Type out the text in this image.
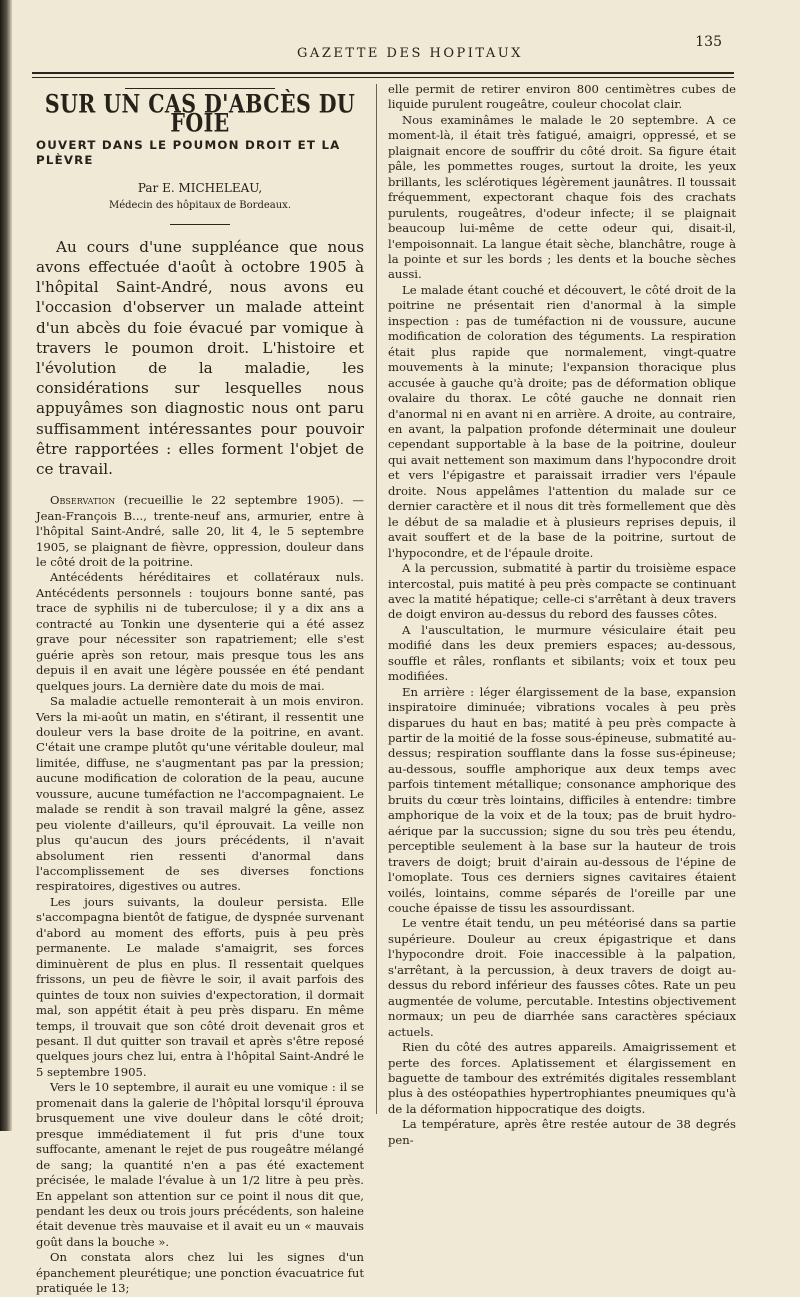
GAZETTE DES HOPITAUX
135
SUR UN CAS D'ABCÈS DU FOIE
OUVERT DANS LE POUMON DROIT ET LA PLÈVRE
Par E. MICHELEAU,
Médecin des hôpitaux de Bordeaux.

Au cours d'une suppléance que nous avons effectuée d'août à octobre 1905 à l'hôpital Saint-André, nous avons eu l'occasion d'observer un malade atteint d'un abcès du foie évacué par vomique à travers le poumon droit. L'histoire et l'évolution de la maladie, les considérations sur lesquelles nous appuyâmes son diagnostic nous ont paru suffisamment intéressantes pour pouvoir être rapportées : elles forment l'objet de ce travail.

Observation (recueillie le 22 septembre 1905). — Jean-François B..., trente-neuf ans, armurier, entre à l'hôpital Saint-André, salle 20, lit 4, le 5 septembre 1905, se plaignant de fièvre, oppression, douleur dans le côté droit de la poitrine.

Antécédents héréditaires et collatéraux nuls. Antécédents personnels : toujours bonne santé, pas trace de syphilis ni de tuberculose; il y a dix ans a contracté au Tonkin une dysenterie qui a été assez grave pour nécessiter son rapatriement; elle s'est guérie après son retour, mais presque tous les ans depuis il en avait une légère poussée en été pendant quelques jours. La dernière date du mois de mai.

Sa maladie actuelle remonterait à un mois environ. Vers la mi-août un matin, en s'étirant, il ressentit une douleur vers la base droite de la poitrine, en avant. C'était une crampe plutôt qu'une véritable douleur, mal limitée, diffuse, ne s'augmentant pas par la pression; aucune modification de coloration de la peau, aucune voussure, aucune tuméfaction ne l'accompagnaient. Le malade se rendit à son travail malgré la gêne, assez peu violente d'ailleurs, qu'il éprouvait. La veille non plus qu'aucun des jours précédents, il n'avait absolument rien ressenti d'anormal dans l'accomplissement de ses diverses fonctions respiratoires, digestives ou autres.

Les jours suivants, la douleur persista. Elle s'accompagna bientôt de fatigue, de dyspnée survenant d'abord au moment des efforts, puis à peu près permanente. Le malade s'amaigrit, ses forces diminuèrent de plus en plus. Il ressentait quelques frissons, un peu de fièvre le soir, il avait parfois des quintes de toux non suivies d'expectoration, il dormait mal, son appétit était à peu près disparu. En même temps, il trouvait que son côté droit devenait gros et pesant. Il dut quitter son travail et après s'être reposé quelques jours chez lui, entra à l'hôpital Saint-André le 5 septembre 1905.

Vers le 10 septembre, il aurait eu une vomique : il se promenait dans la galerie de l'hôpital lorsqu'il éprouva brusquement une vive douleur dans le côté droit; presque immédiatement il fut pris d'une toux suffocante, amenant le rejet de pus rougeâtre mélangé de sang; la quantité n'en a pas été exactement précisée, le malade l'évalue à un 1/2 litre à peu près. En appelant son attention sur ce point il nous dit que, pendant les deux ou trois jours précédents, son haleine était devenue très mauvaise et il avait eu un « mauvais goût dans la bouche ».

On constata alors chez lui les signes d'un épanchement pleurétique; une ponction évacuatrice fut pratiquée le 13;

elle permit de retirer environ 800 centimètres cubes de liquide purulent rougeâtre, couleur chocolat clair.

Nous examinâmes le malade le 20 septembre. A ce moment-là, il était très fatigué, amaigri, oppressé, et se plaignait encore de souffrir du côté droit. Sa figure était pâle, les pommettes rouges, surtout la droite, les yeux brillants, les sclérotiques légèrement jaunâtres. Il toussait fréquemment, expectorant chaque fois des crachats purulents, rougeâtres, d'odeur infecte; il se plaignait beaucoup lui-même de cette odeur qui, disait-il, l'empoisonnait. La langue était sèche, blanchâtre, rouge à la pointe et sur les bords ; les dents et la bouche sèches aussi.

Le malade étant couché et découvert, le côté droit de la poitrine ne présentait rien d'anormal à la simple inspection : pas de tuméfaction ni de voussure, aucune modification de coloration des téguments. La respiration était plus rapide que normalement, vingt-quatre mouvements à la minute; l'expansion thoracique plus accusée à gauche qu'à droite; pas de déformation oblique ovalaire du thorax. Le côté gauche ne donnait rien d'anormal ni en avant ni en arrière. A droite, au contraire, en avant, la palpation profonde déterminait une douleur cependant supportable à la base de la poitrine, douleur qui avait nettement son maximum dans l'hypocondre droit et vers l'épigastre et paraissait irradier vers l'épaule droite. Nous appelâmes l'attention du malade sur ce dernier caractère et il nous dit très formellement que dès le début de sa maladie et à plusieurs reprises depuis, il avait souffert et de la base de la poitrine, surtout de l'hypocondre, et de l'épaule droite.

A la percussion, submatité à partir du troisième espace intercostal, puis matité à peu près compacte se continuant avec la matité hépatique; celle-ci s'arrêtant à deux travers de doigt environ au-dessus du rebord des fausses côtes.

A l'auscultation, le murmure vésiculaire était peu modifié dans les deux premiers espaces; au-dessous, souffle et râles, ronflants et sibilants; voix et toux peu modifiées.

En arrière : léger élargissement de la base, expansion inspiratoire diminuée; vibrations vocales à peu près disparues du haut en bas; matité à peu près compacte à partir de la moitié de la fosse sous-épineuse, submatité au-dessus; respiration soufflante dans la fosse sus-épineuse; au-dessous, souffle amphorique aux deux temps avec parfois tintement métallique; consonance amphorique des bruits du cœur très lointains, difficiles à entendre: timbre amphorique de la voix et de la toux; pas de bruit hydro-aérique par la succussion; signe du sou très peu étendu, perceptible seulement à la base sur la hauteur de trois travers de doigt; bruit d'airain au-dessous de l'épine de l'omoplate. Tous ces derniers signes cavitaires étaient voilés, lointains, comme séparés de l'oreille par une couche épaisse de tissu les assourdissant.

Le ventre était tendu, un peu météorisé dans sa partie supérieure. Douleur au creux épigastrique et dans l'hypocondre droit. Foie inaccessible à la palpation, s'arrêtant, à la percussion, à deux travers de doigt au-dessus du rebord inférieur des fausses côtes. Rate un peu augmentée de volume, percutable. Intestins objectivement normaux; un peu de diarrhée sans caractères spéciaux actuels.

Rien du côté des autres appareils. Amaigrissement et perte des forces. Aplatissement et élargissement en baguette de tambour des extrémités digitales ressemblant plus à des ostéopathies hypertrophiantes pneumiques qu'à de la déformation hippocratique des doigts.

La température, après être restée autour de 38 degrés pen-
